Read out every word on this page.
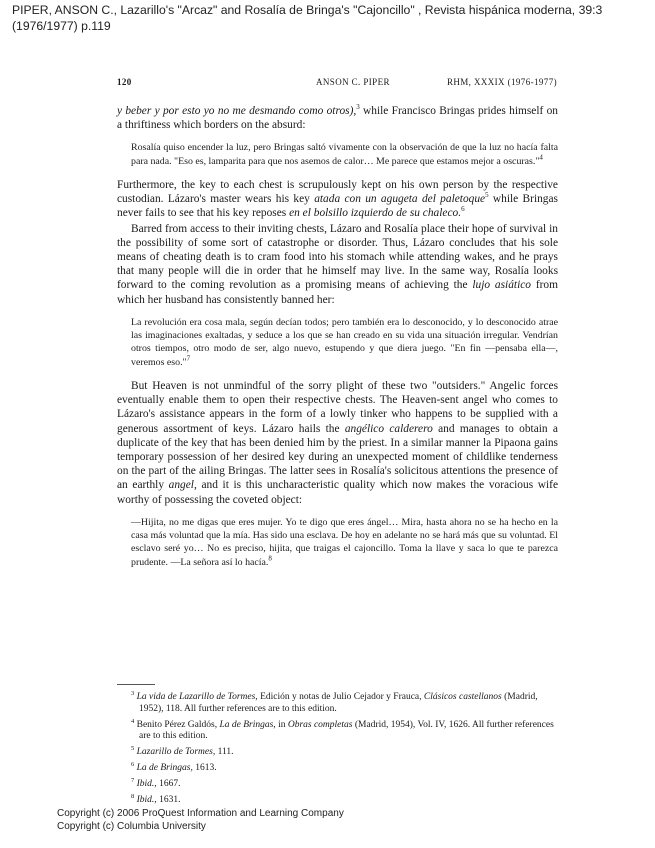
PIPER, ANSON C., Lazarillo's "Arcaz" and Rosalía de Bringa's "Cajoncillo" , Revista hispánica moderna, 39:3 (1976/1977) p.119
120	ANSON C. PIPER	RHM, XXXIX (1976-1977)

y beber y por esto yo no me desmando como otros),$^3$ while Francisco Bringas prides himself on a thriftiness which borders on the absurd:

Rosalía quiso encender la luz, pero Bringas saltó vivamente con la observación de que la luz no hacía falta para nada. "Eso es, lamparita para que nos asemos de calor… Me parece que estamos mejor a oscuras."$^4$

Furthermore, the key to each chest is scrupulously kept on his own person by the respective custodian. Lázaro's master wears his key atada con un agugeta del paletoque$^5$ while Bringas never fails to see that his key reposes en el bolsillo izquierdo de su chaleco.$^6$

Barred from access to their inviting chests, Lázaro and Rosalía place their hope of survival in the possibility of some sort of catastrophe or disorder. Thus, Lázaro concludes that his sole means of cheating death is to cram food into his stomach while attending wakes, and he prays that many people will die in order that he himself may live. In the same way, Rosalía looks forward to the coming revolution as a promising means of achieving the lujo asiático from which her husband has consistently banned her:

La revolución era cosa mala, según decían todos; pero también era lo desconocido, y lo desconocido atrae las imaginaciones exaltadas, y seduce a los que se han creado en su vida una situación irregular. Vendrían otros tiempos, otro modo de ser, algo nuevo, estupendo y que diera juego. "En fin —pensaba ella—, veremos eso."$^7$

But Heaven is not unmindful of the sorry plight of these two "outsiders." Angelic forces eventually enable them to open their respective chests. The Heaven-sent angel who comes to Lázaro's assistance appears in the form of a lowly tinker who happens to be supplied with a generous assortment of keys. Lázaro hails the angélico calderero and manages to obtain a duplicate of the key that has been denied him by the priest. In a similar manner la Pipaona gains temporary possession of her desired key during an unexpected moment of childlike tenderness on the part of the ailing Bringas. The latter sees in Rosalía's solicitous attentions the presence of an earthly angel, and it is this uncharacteristic quality which now makes the voracious wife worthy of possessing the coveted object:

—Hijita, no me digas que eres mujer. Yo te digo que eres ángel… Mira, hasta ahora no se ha hecho en la casa más voluntad que la mía. Has sido una esclava. De hoy en adelante no se hará más que su voluntad. El esclavo seré yo… No es preciso, hijita, que traigas el cajoncillo. Toma la llave y saca lo que te parezca prudente. —La señora así lo hacía.$^8$

$^3$ La vida de Lazarillo de Tormes, Edición y notas de Julio Cejador y Frauca, Clásicos castellanos (Madrid, 1952), 118. All further references are to this edition.

$^4$ Benito Pérez Galdós, La de Bringas, in Obras completas (Madrid, 1954), Vol. IV, 1626. All further references are to this edition.

$^5$ Lazarillo de Tormes, 111.

$^6$ La de Bringas, 1613.

$^7$ Ibid., 1667.

$^8$ Ibid., 1631.

Copyright (c) 2006 ProQuest Information and Learning Company
Copyright (c) Columbia University
